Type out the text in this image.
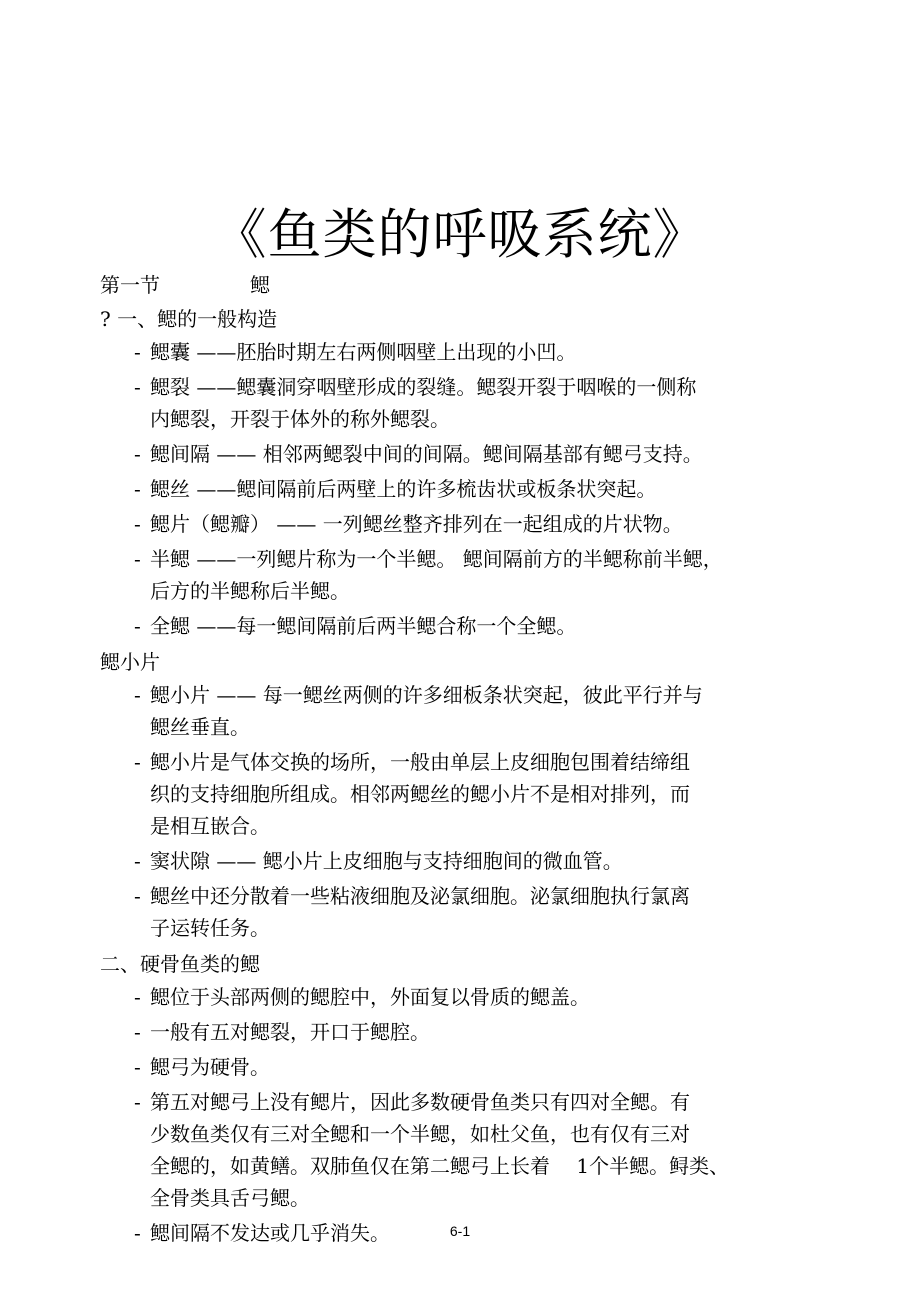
《鱼类的呼吸系统》
第一节	鳃
? 一、鳃的一般构造
- 鳃囊 ——胚胎时期左右两侧咽壁上出现的小凹。
- 鳃裂 ——鳃囊洞穿咽壁形成的裂缝。鳃裂开裂于咽喉的一侧称
内鳃裂，开裂于体外的称外鳃裂。
- 鳃间隔 —— 相邻两鳃裂中间的间隔。鳃间隔基部有鳃弓支持。
- 鳃丝 ——鳃间隔前后两壁上的许多梳齿状或板条状突起。
- 鳃片（鳃瓣） —— 一列鳃丝整齐排列在一起组成的片状物。
- 半鳃 ——一列鳃片称为一个半鳃。 鳃间隔前方的半鳃称前半鳃，
后方的半鳃称后半鳃。
- 全鳃 ——每一鳃间隔前后两半鳃合称一个全鳃。
鳃小片
- 鳃小片 —— 每一鳃丝两侧的许多细板条状突起，彼此平行并与
鳃丝垂直。
- 鳃小片是气体交换的场所，一般由单层上皮细胞包围着结缔组
织的支持细胞所组成。相邻两鳃丝的鳃小片不是相对排列，而
是相互嵌合。
- 窦状隙 —— 鳃小片上皮细胞与支持细胞间的微血管。
- 鳃丝中还分散着一些粘液细胞及泌氯细胞。泌氯细胞执行氯离
子运转任务。
二、硬骨鱼类的鳃
- 鳃位于头部两侧的鳃腔中，外面复以骨质的鳃盖。
- 一般有五对鳃裂，开口于鳃腔。
- 鳃弓为硬骨。
- 第五对鳃弓上没有鳃片，因此多数硬骨鱼类只有四对全鳃。有
少数鱼类仅有三对全鳃和一个半鳃，如杜父鱼，也有仅有三对
全鳃的，如黄鳝。双肺鱼仅在第二鳃弓上长着 　1个半鳃。鲟类、
全骨类具舌弓鳃。
- 鳃间隔不发达或几乎消失。	6-1
